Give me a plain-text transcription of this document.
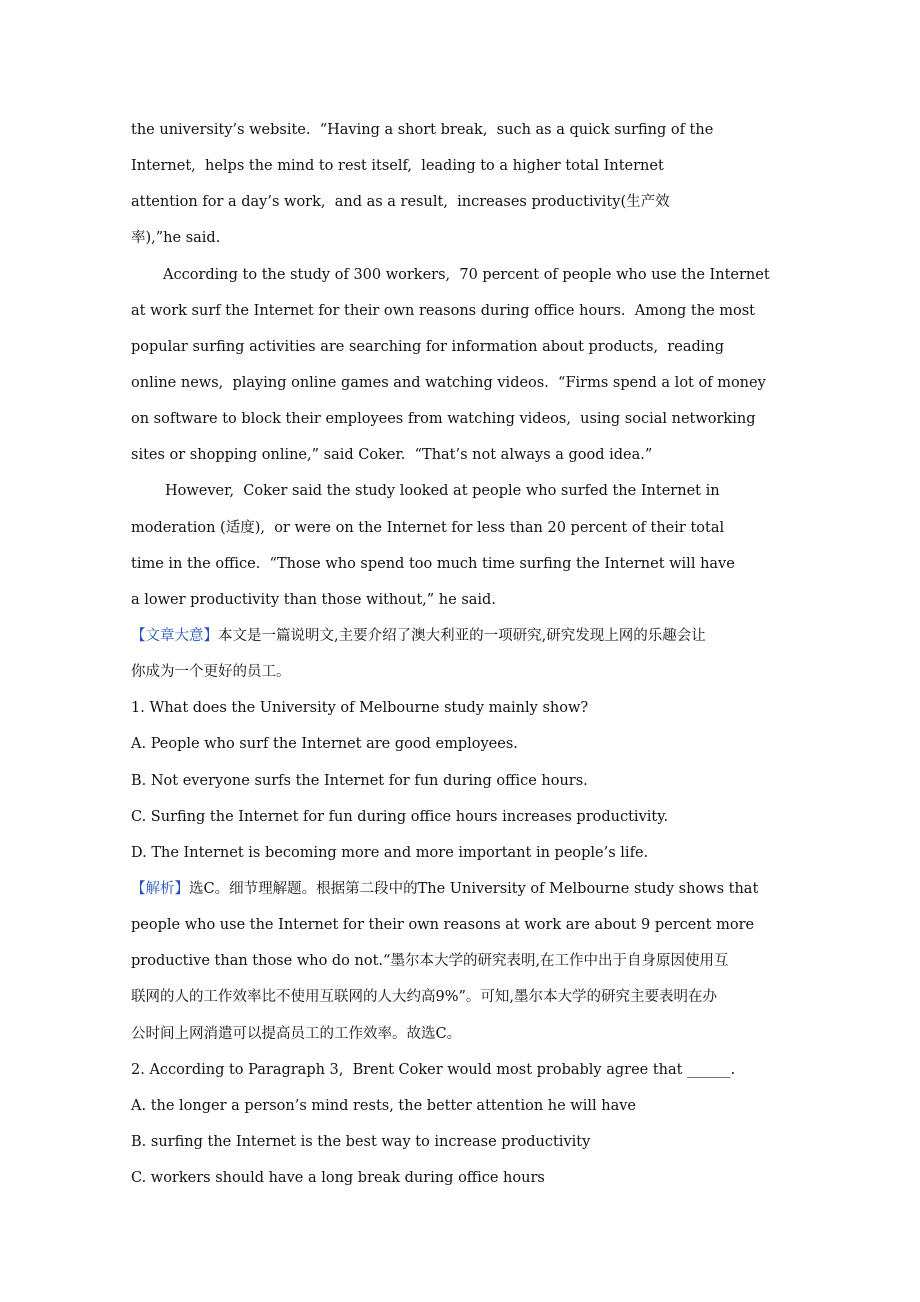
the university’s website.  “Having a short break,  such as a quick surfing of the
Internet,  helps the mind to rest itself,  leading to a higher total Internet
attention for a day’s work,  and as a result,  increases productivity(生产效
率),”he said.
According to the study of 300 workers,  70 percent of people who use the Internet
at work surf the Internet for their own reasons during office hours.  Among the most
popular surfing activities are searching for information about products,  reading
online news,  playing online games and watching videos.  “Firms spend a lot of money
on software to block their employees from watching videos,  using social networking
sites or shopping online,” said Coker.  “That’s not always a good idea.”
However,  Coker said the study looked at people who surfed the Internet in
moderation (适度),  or were on the Internet for less than 20 percent of their total
time in the office.  “Those who spend too much time surfing the Internet will have
a lower productivity than those without,” he said.
【文章大意】本文是一篇说明文,主要介绍了澳大利亚的一项研究,研究发现上网的乐趣会让
你成为一个更好的员工。
1. What does the University of Melbourne study mainly show?
A. People who surf the Internet are good employees.
B. Not everyone surfs the Internet for fun during office hours.
C. Surfing the Internet for fun during office hours increases productivity.
D. The Internet is becoming more and more important in people’s life.
【解析】选C。细节理解题。根据第二段中的The University of Melbourne study shows that
people who use the Internet for their own reasons at work are about 9 percent more
productive than those who do not.“墨尔本大学的研究表明,在工作中出于自身原因使用互
联网的人的工作效率比不使用互联网的人大约高9%”。可知,墨尔本大学的研究主要表明在办
公时间上网消遣可以提高员工的工作效率。故选C。
2. According to Paragraph 3,  Brent Coker would most probably agree that ______.
A. the longer a person’s mind rests, the better attention he will have
B. surfing the Internet is the best way to increase productivity
C. workers should have a long break during office hours
